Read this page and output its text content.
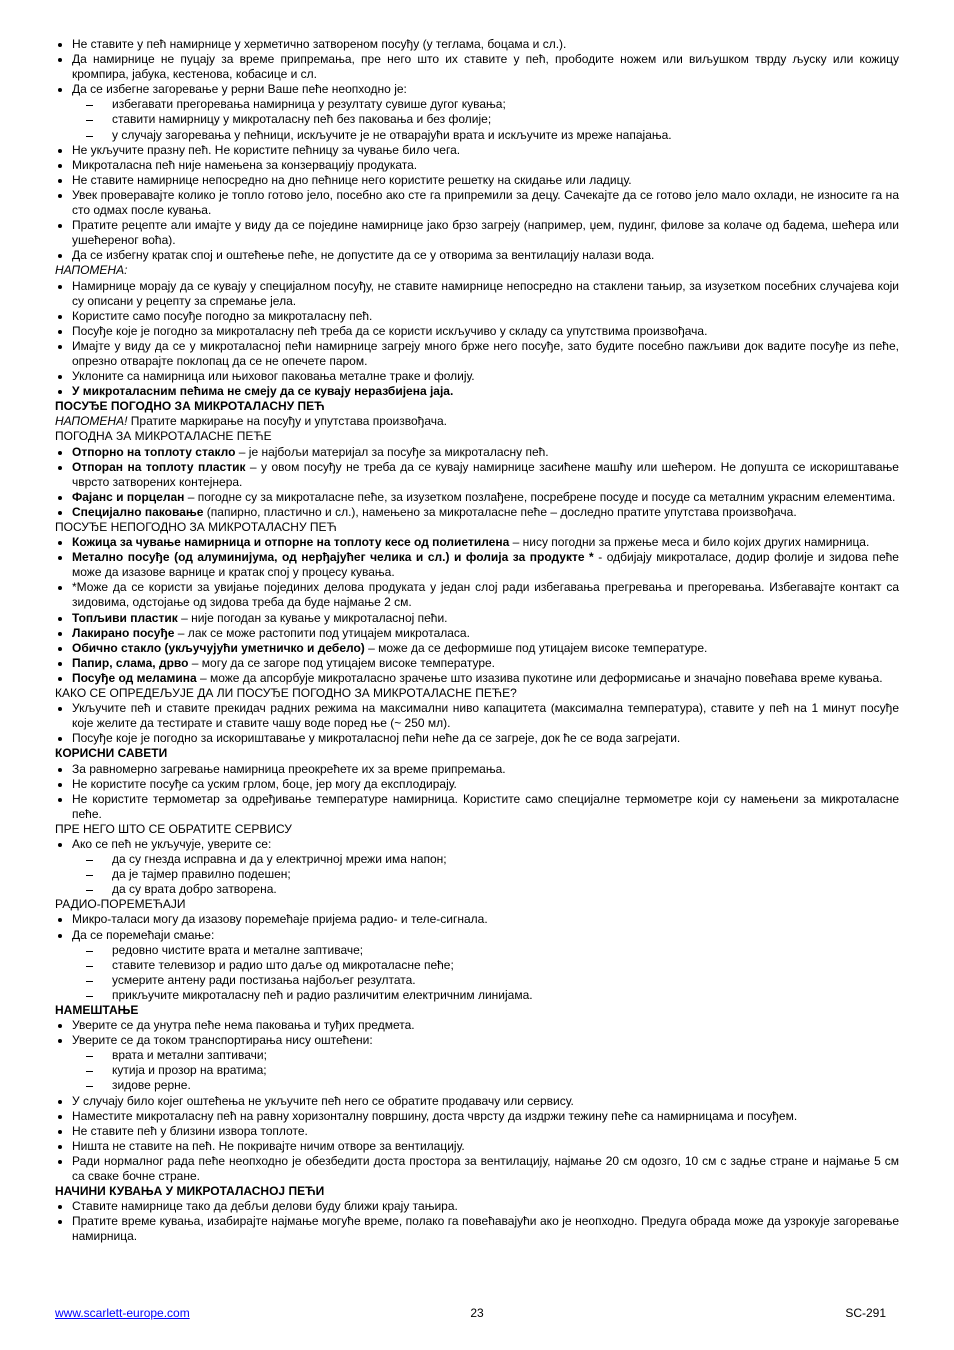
Не ставите у пећ намирнице у херметично затвореном посуђу (у теглама, боцама и сл.).
Да намирнице не пуцају за време припремања, пре него што их ставите у пећ, прободите ножем или виљушком тврду љуску или кожицу кромпира, јабука, кестенова, кобасице и сл.
Да се избегне загоревање у рерни Ваше пеће неопходно је:
избегавати прегоревања намирница у резултату сувише дугог кувања;
ставити намирницу у микроталасну пећ без паковања и без фолије;
у случају загоревања у пећници, искључите је не отварајући врата и искључите из мреже напајања.
Не укључите празну пећ. Не користите пећницу за чување било чега.
Микроталасна пећ није намењена за конзервацију продуката.
Не ставите намирнице непосредно на дно пећнице него користите решетку на скидање или ладицу.
Увек проверавајте колико је топло готово јело, посебно ако сте га припремили за децу. Сачекајте да се готово јело мало охлади, не износите га на сто одмах после кувања.
Пратите рецепте али имајте у виду да се поједине намирнице јако брзо загреју (например, џем, пудинг, филове за колаче од бадема, шећера или ушећереног воћа).
Да се избегну кратак спој и оштећење пеће, не допустите да се у отворима за вентилацију налази вода.
НАПОМЕНА:
Намирнице морају да се кувају у специјалном посуђу, не ставите намирнице непосредно на стаклени тањир, за изузетком посебних случајева који су описани у рецепту за спремање јела.
Користите само посуђе погодно за микроталасну пећ.
Посуђе које је погодно за микроталасну пећ треба да се користи искључиво у складу са упутствима произвођача.
Имајте у виду да се у микроталасној пећи намирнице загреју много брже него посуђе, зато будите посебно пажљиви док вадите посуђе из пеће, опрезно отварајте поклопац да се не опечете паром.
Уклоните са намирница или њиховог паковања металне траке и фолију.
У микроталасним пећима не смеју да се кувају неразбијена јаја.
ПОСУЂЕ ПОГОДНО ЗА МИКРОТАЛАСНУ ПЕЋ
НАПОМЕНА! Пратите маркирање на посуђу и упутстава произвођача.
ПОГОДНА ЗА МИКРОТАЛАСНЕ ПЕЋЕ
Отпорно на топлоту стакло – је најбољи материјал за посуђе за микроталасну пећ.
Отпоран на топлоту пластик – у овом посуђу не треба да се кувају намирнице засићене машћу или шећером. Не допушта се искориштавање чврсто затворених контејнера.
Фајанс и порцелан – погодне су за микроталасне пеће, за изузетком позлађене, посребрене посуде и посуде са металним украсним елементима.
Специјално паковање (папирно, пластично и сл.), намењено за микроталасне пеће – доследно пратите упутстава произвођача.
ПОСУЂЕ НЕПОГОДНО ЗА МИКРОТАЛАСНУ ПЕЋ
Кожица за чување намирница и отпорне на топлоту кесе од полиетилена – нису погодни за пржење меса и било којих других намирница.
Метално посуђе (од алуминијума, од нерђајућег челика и сл.) и фолија за продукте * - одбијају микроталасе, додир фолије и зидова пеће може да изазове варнице и кратак спој у процесу кувања.
*Може да се користи за увијање појединих делова продуката у један слој ради избегавања прегревања и прегоревања. Избегавајте контакт са зидовима, одстојање од зидова треба да буде најмање 2 см.
Топљиви пластик – није погодан за кување у микроталасној пећи.
Лакирано посуђе – лак се може растопити под утицајем микроталаса.
Обично стакло (укључујући уметничко и дебело) – може да се деформише под утицајем високе температуре.
Папир, слама, дрво – могу да се загоре под утицајем високе температуре.
Посуђе од меламина – може да апсорбује микроталасно зрачење што изазива пукотине или деформисање и значајно повећава време кувања.
КАКО СЕ ОПРЕДЕЉУЈЕ ДА ЛИ ПОСУЂЕ ПОГОДНО ЗА МИКРОТАЛАСНЕ ПЕЋЕ?
Укључите пећ и ставите прекидач радних режима на максимални ниво капацитета (максимална температура), ставите у пећ на 1 минут посуђе које желите да тестирате и ставите чашу воде поред ње (~ 250 мл).
Посуђе које је погодно за искориштавање у микроталасној пећи неће да се загреје, док ће се вода загрејати.
КОРИСНИ САВЕТИ
За равномерно загревање намирница преокрећете их за време припремања.
Не користите посуђе са уским грлом, боце, јер могу да експлодирају.
Не користите термометар за одређивање температуре намирница. Користите само специјалне термометре који су намењени за микроталасне пеће.
ПРЕ НЕГО ШТО СЕ ОБРАТИТЕ СЕРВИСУ
Ако се пећ не укључује, уверите се:
да су гнезда исправна и да у електричној мрежи има напон;
да је тајмер правилно подешен;
да су врата добро затворена.
РАДИО-ПОРЕМЕЋАЈИ
Микро-таласи могу да изазову поремећаје пријема радио- и теле-сигнала.
Да се поремећаји смање:
редовно чистите врата и металне заптиваче;
ставите телевизор и радио што даље од микроталасне пеће;
усмерите антену ради постизања најбољег резултата.
прикључите микроталасну пећ и радио различитим електричним линијама.
НАМЕШТАЊЕ
Уверите се да унутра пеће нема паковања и туђих предмета.
Уверите се да током транспортирања нису оштећени:
врата и метални заптивачи;
кутија и прозор на вратима;
зидове рерне.
У случају било којег оштећења не укључите пећ него се обратите продавачу или сервису.
Наместите микроталасну пећ на равну хоризонталну површину, доста чврсту да издржи тежину пеће са намирницама и посуђем.
Не ставите пећ у близини извора топлоте.
Ништа не ставите на пећ. Не покривајте ничим отворе за вентилацију.
Ради нормалног рада пеће неопходно је обезбедити доста простора за вентилацију, најмање 20 см одозго, 10 см с задње стране и најмање 5 см са сваке бочне стране.
НАЧИНИ КУВАЊА У МИКРОТАЛАСНОЈ ПЕЋИ
Ставите намирнице тако да дебљи делови буду ближи крају тањира.
Пратите време кувања, изабирајте најмање могуће време, полако га повећавајући ако је неопходно. Предуга обрада може да узрокује загоревање намирница.
www.scarlett-europe.com	23	SC-291
